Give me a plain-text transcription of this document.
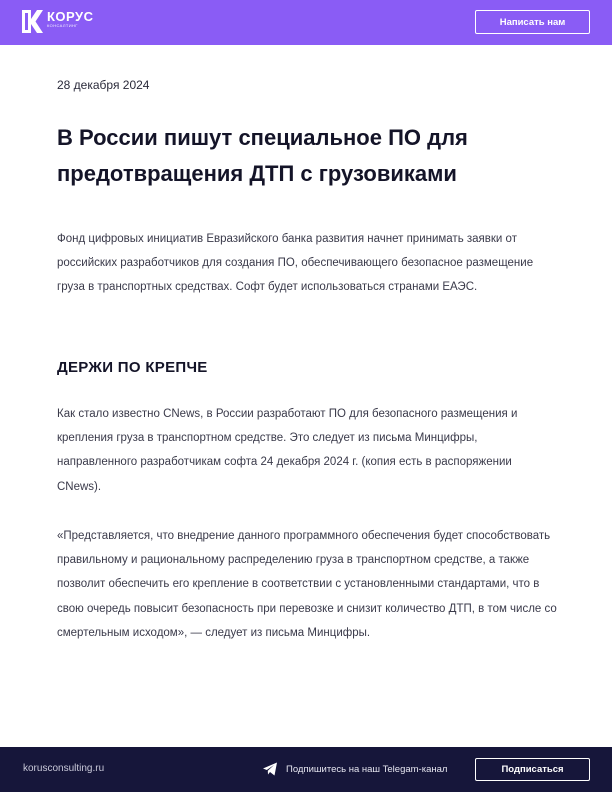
КОРУС
КОНСАЛТИНГ	Написать нам
28 декабря 2024
В России пишут специальное ПО для предотвращения ДТП с грузовиками

Фонд цифровых инициатив Евразийского банка развития начнет принимать заявки от российских разработчиков для создания ПО, обеспечивающего безопасное размещение груза в транспортных средствах. Софт будет использоваться странами ЕАЭС.

ДЕРЖИ ПО КРЕПЧЕ

Как стало известно CNews, в России разработают ПО для безопасного размещения и крепления груза в транспортном средстве. Это следует из письма Минцифры, направленного разработчикам софта 24 декабря 2024 г. (копия есть в распоряжении CNews).

«Представляется, что внедрение данного программного обеспечения будет способствовать правильному и рациональному распределению груза в транспортном средстве, а также позволит обеспечить его крепление в соответствии с установленными стандартами, что в свою очередь повысит безопасность при перевозке и снизит количество ДТП, в том числе со смертельным исходом», — следует из письма Минцифры.

korusconsulting.ru	Подпишитесь на наш Telegam-канал	Подписаться
